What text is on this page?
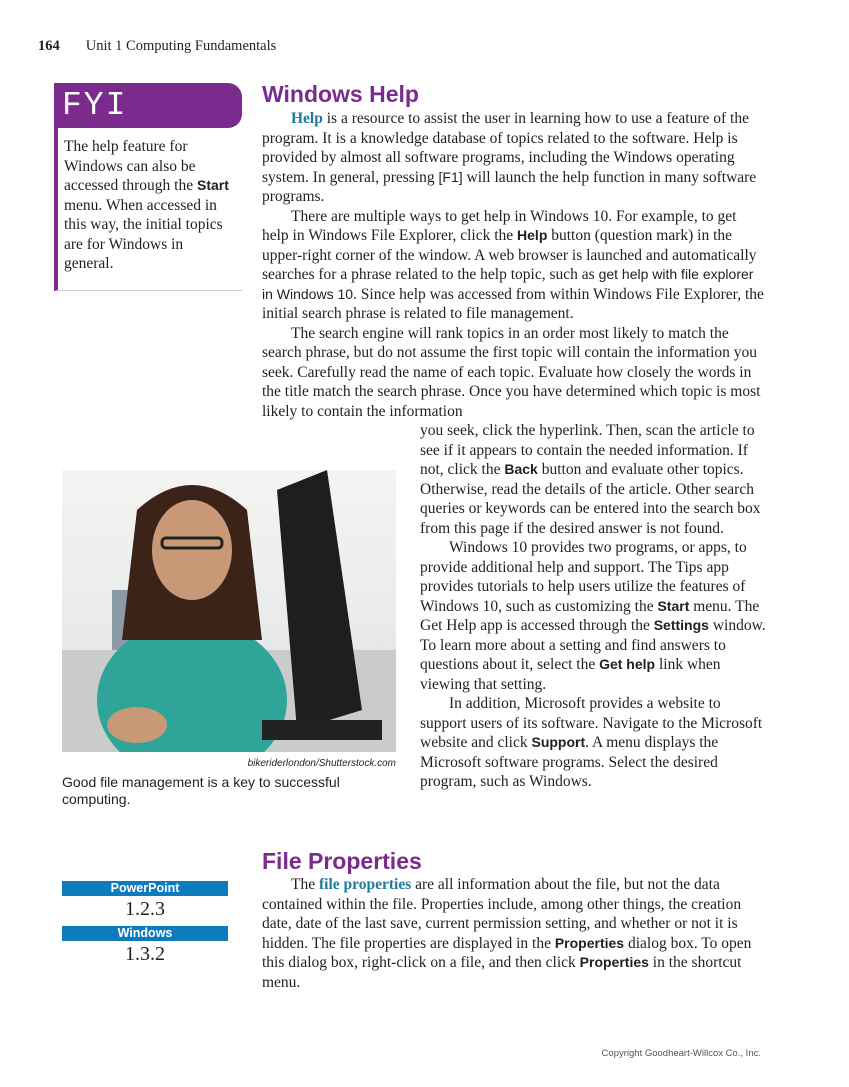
164 Unit 1 Computing Fundamentals
FYI
The help feature for Windows can also be accessed through the Start menu. When accessed in this way, the initial topics are for Windows in general.
Windows Help

Help is a resource to assist the user in learning how to use a feature of the program. It is a knowledge database of topics related to the software. Help is provided by almost all software programs, including the Windows operating system. In general, pressing [F1] will launch the help function in many software programs.

There are multiple ways to get help in Windows 10. For example, to get help in Windows File Explorer, click the Help button (question mark) in the upper-right corner of the window. A web browser is launched and automatically searches for a phrase related to the help topic, such as get help with file explorer in Windows 10. Since help was accessed from within Windows File Explorer, the initial search phrase is related to file management.

The search engine will rank topics in an order most likely to match the search phrase, but do not assume the first topic will contain the information you seek. Carefully read the name of each topic. Evaluate how closely the words in the title match the search phrase. Once you have determined which topic is most likely to contain the information

you seek, click the hyperlink. Then, scan the article to see if it appears to contain the needed information. If not, click the Back button and evaluate other topics. Otherwise, read the details of the article. Other search queries or keywords can be entered into the search box from this page if the desired answer is not found.

Windows 10 provides two programs, or apps, to provide additional help and support. The Tips app provides tutorials to help users utilize the features of Windows 10, such as customizing the Start menu. The Get Help app is accessed through the Settings window. To learn more about a setting and find answers to questions about it, select the Get help link when viewing that setting.

In addition, Microsoft provides a website to support users of its software. Navigate to the Microsoft website and click Support. A menu displays the Microsoft software programs. Select the desired program, such as Windows.

bikeriderlondon/Shutterstock.com
Good file management is a key to successful computing.
File Properties

The file properties are all information about the file, but not the data contained within the file. Properties include, among other things, the creation date, date of the last save, current permission setting, and whether or not it is hidden. The file properties are displayed in the Properties dialog box. To open this dialog box, right-click on a file, and then click Properties in the shortcut menu.

PowerPoint
1.2.3
Windows
1.3.2
Copyright Goodheart-Willcox Co., Inc.
